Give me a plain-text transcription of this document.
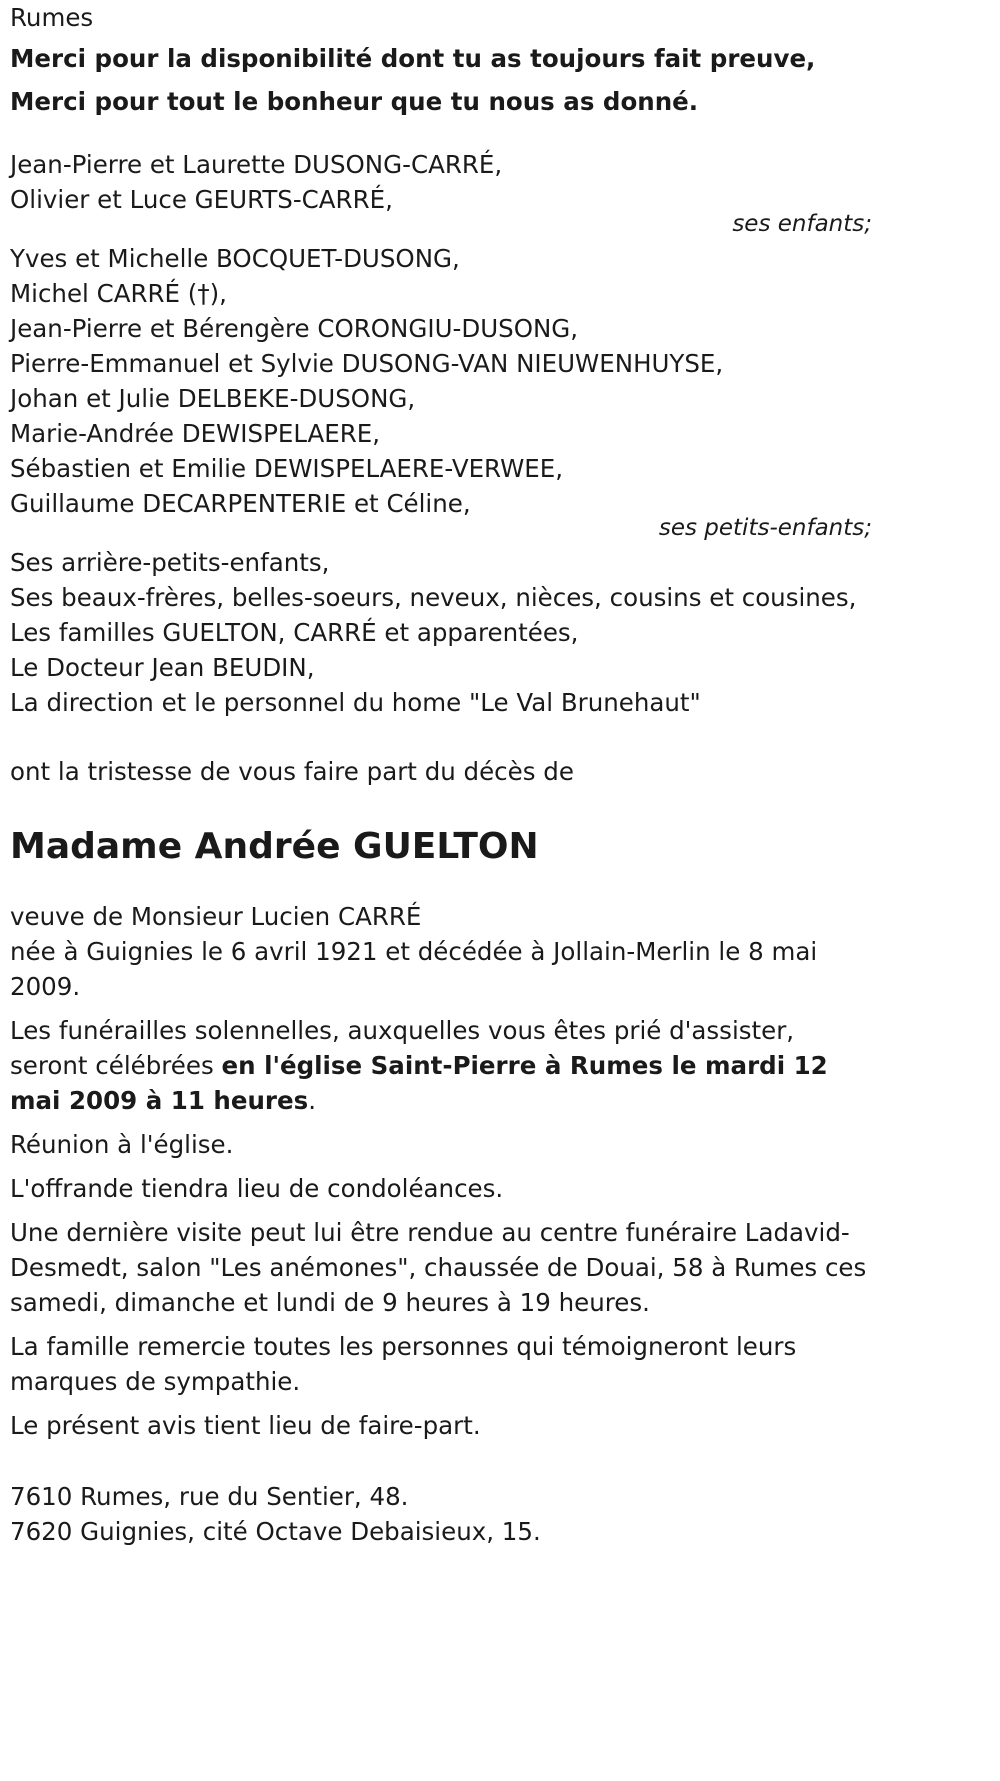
Rumes
Merci pour la disponibilité dont tu as toujours fait preuve,
Merci pour tout le bonheur que tu nous as donné.
Jean-Pierre et Laurette DUSONG-CARRÉ,
Olivier et Luce GEURTS-CARRÉ,
ses enfants;
Yves et Michelle BOCQUET-DUSONG,
Michel CARRÉ (†),
Jean-Pierre et Bérengère CORONGIU-DUSONG,
Pierre-Emmanuel et Sylvie DUSONG-VAN NIEUWENHUYSE,
Johan et Julie DELBEKE-DUSONG,
Marie-Andrée DEWISPELAERE,
Sébastien et Emilie DEWISPELAERE-VERWEE,
Guillaume DECARPENTERIE et Céline,
ses petits-enfants;
Ses arrière-petits-enfants,
Ses beaux-frères, belles-soeurs, neveux, nièces, cousins et cousines,
Les familles GUELTON, CARRÉ et apparentées,
Le Docteur Jean BEUDIN,
La direction et le personnel du home "Le Val Brunehaut"
ont la tristesse de vous faire part du décès de
Madame Andrée GUELTON
veuve de Monsieur Lucien CARRÉ
née à Guignies le 6 avril 1921 et décédée à Jollain-Merlin le 8 mai 2009.
Les funérailles solennelles, auxquelles vous êtes prié d'assister, seront célébrées en l'église Saint-Pierre à Rumes le mardi 12 mai 2009 à 11 heures.
Réunion à l'église.
L'offrande tiendra lieu de condoléances.
Une dernière visite peut lui être rendue au centre funéraire Ladavid-Desmedt, salon "Les anémones", chaussée de Douai, 58 à Rumes ces samedi, dimanche et lundi de 9 heures à 19 heures.
La famille remercie toutes les personnes qui témoigneront leurs marques de sympathie.
Le présent avis tient lieu de faire-part.
7610 Rumes, rue du Sentier, 48.
7620 Guignies, cité Octave Debaisieux, 15.
